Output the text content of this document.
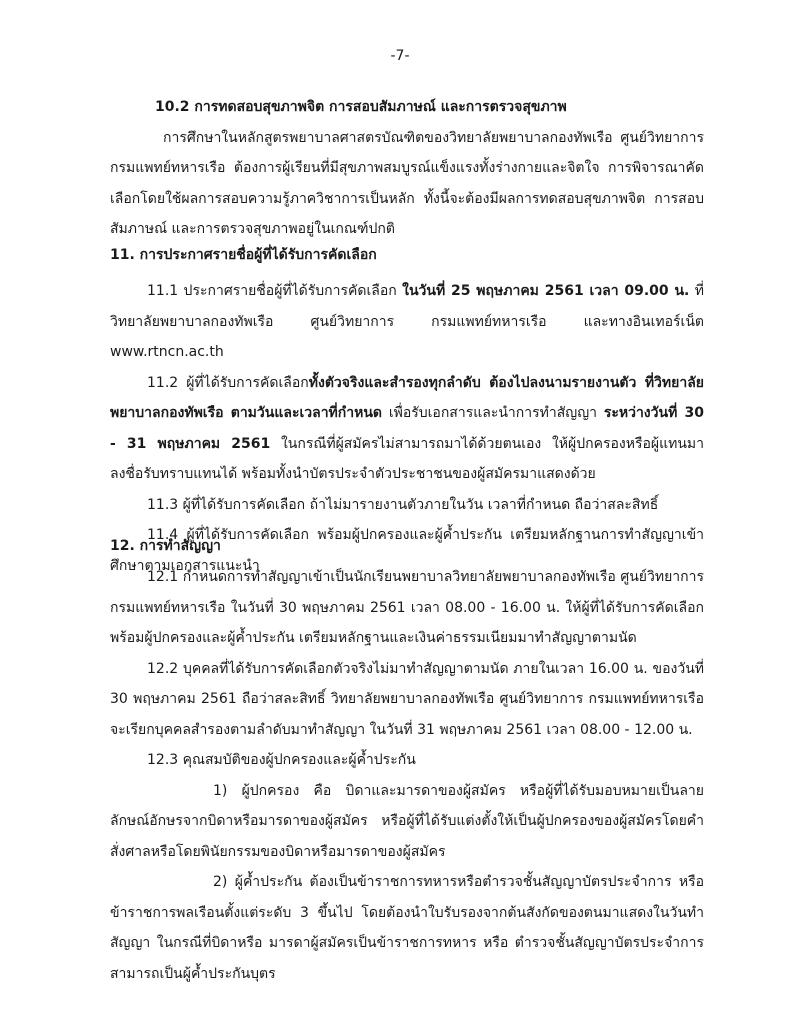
-7-

10.2 การทดสอบสุขภาพจิต การสอบสัมภาษณ์ และการตรวจสุขภาพ

การศึกษาในหลักสูตรพยาบาลศาสตรบัณฑิตของวิทยาลัยพยาบาลกองทัพเรือ ศูนย์วิทยาการ กรมแพทย์ทหารเรือ ต้องการผู้เรียนที่มีสุขภาพสมบูรณ์แข็งแรงทั้งร่างกายและจิตใจ การพิจารณาคัดเลือกโดยใช้ผลการสอบความรู้ภาควิชาการเป็นหลัก ทั้งนี้จะต้องมีผลการทดสอบสุขภาพจิต การสอบสัมภาษณ์ และการตรวจสุขภาพอยู่ในเกณฑ์ปกติ

11. การประกาศรายชื่อผู้ที่ได้รับการคัดเลือก

11.1 ประกาศรายชื่อผู้ที่ได้รับการคัดเลือก ในวันที่ 25 พฤษภาคม 2561 เวลา 09.00 น. ที่วิทยาลัยพยาบาลกองทัพเรือ ศูนย์วิทยาการ กรมแพทย์ทหารเรือ และทางอินเทอร์เน็ต www.rtncn.ac.th

11.2 ผู้ที่ได้รับการคัดเลือกทั้งตัวจริงและสำรองทุกลำดับ ต้องไปลงนามรายงานตัว ที่วิทยาลัยพยาบาลกองทัพเรือ ตามวันและเวลาที่กำหนด เพื่อรับเอกสารและนำการทำสัญญา ระหว่างวันที่ 30 - 31 พฤษภาคม 2561 ในกรณีที่ผู้สมัครไม่สามารถมาได้ด้วยตนเอง ให้ผู้ปกครองหรือผู้แทนมาลงชื่อรับทราบแทนได้ พร้อมทั้งนำบัตรประจำตัวประชาชนของผู้สมัครมาแสดงด้วย

11.3 ผู้ที่ได้รับการคัดเลือก ถ้าไม่มารายงานตัวภายในวัน เวลาที่กำหนด ถือว่าสละสิทธิ์

11.4 ผู้ที่ได้รับการคัดเลือก พร้อมผู้ปกครองและผู้ค้ำประกัน เตรียมหลักฐานการทำสัญญาเข้าศึกษาตามเอกสารแนะนำ

12. การทำสัญญา

12.1 กำหนดการทำสัญญาเข้าเป็นนักเรียนพยาบาลวิทยาลัยพยาบาลกองทัพเรือ ศูนย์วิทยาการ กรมแพทย์ทหารเรือ ในวันที่ 30 พฤษภาคม 2561 เวลา 08.00 - 16.00 น. ให้ผู้ที่ได้รับการคัดเลือกพร้อมผู้ปกครองและผู้ค้ำประกัน เตรียมหลักฐานและเงินค่าธรรมเนียมมาทำสัญญาตามนัด

12.2 บุคคลที่ได้รับการคัดเลือกตัวจริงไม่มาทำสัญญาตามนัด ภายในเวลา 16.00 น. ของวันที่ 30 พฤษภาคม 2561 ถือว่าสละสิทธิ์ วิทยาลัยพยาบาลกองทัพเรือ ศูนย์วิทยาการ กรมแพทย์ทหารเรือจะเรียกบุคคลสำรองตามลำดับมาทำสัญญา ในวันที่ 31 พฤษภาคม 2561 เวลา 08.00 - 12.00 น.

12.3 คุณสมบัติของผู้ปกครองและผู้ค้ำประกัน

1) ผู้ปกครอง คือ บิดาและมารดาของผู้สมัคร หรือผู้ที่ได้รับมอบหมายเป็นลายลักษณ์อักษรจากบิดาหรือมารดาของผู้สมัคร หรือผู้ที่ได้รับแต่งตั้งให้เป็นผู้ปกครองของผู้สมัครโดยคำสั่งศาลหรือโดยพินัยกรรมของบิดาหรือมารดาของผู้สมัคร

2) ผู้ค้ำประกัน ต้องเป็นข้าราชการทหารหรือตำรวจชั้นสัญญาบัตรประจำการ หรือข้าราชการพลเรือนตั้งแต่ระดับ 3 ขึ้นไป โดยต้องนำใบรับรองจากต้นสังกัดของตนมาแสดงในวันทำสัญญา ในกรณีที่บิดาหรือ มารดาผู้สมัครเป็นข้าราชการทหาร หรือ ตำรวจชั้นสัญญาบัตรประจำการ สามารถเป็นผู้ค้ำประกันบุตร
